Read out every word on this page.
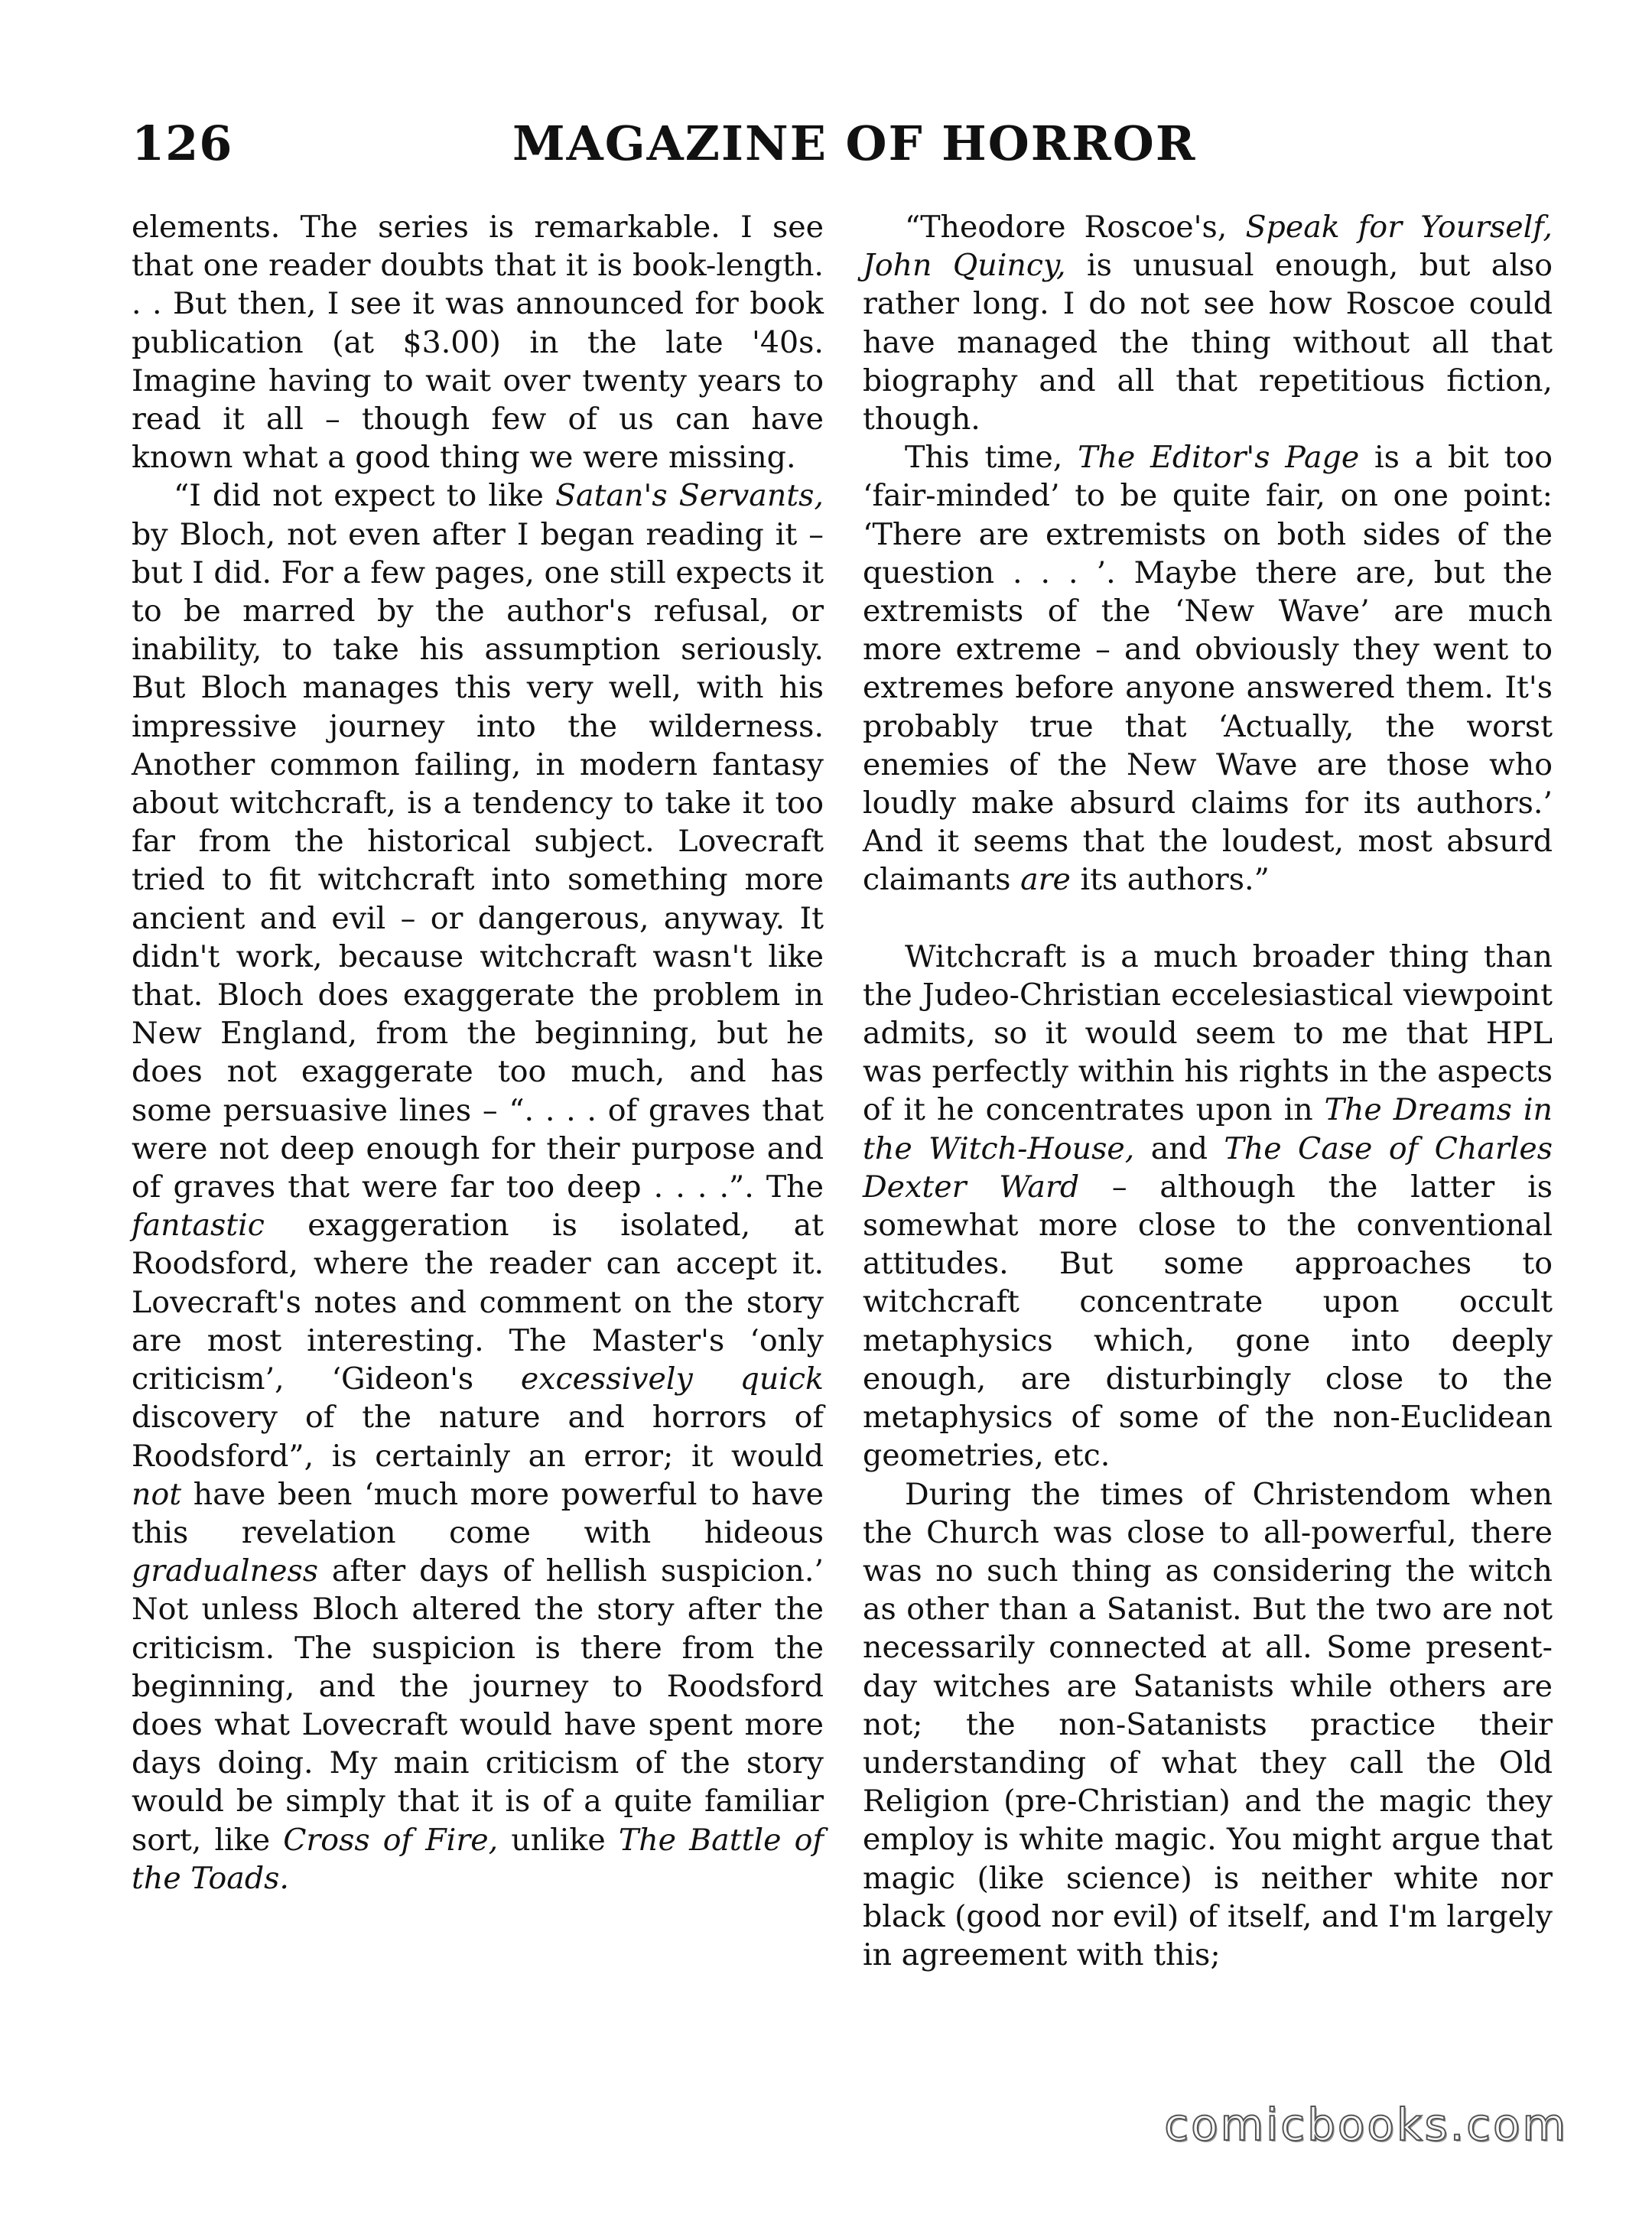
126	MAGAZINE OF HORROR

elements. The series is remarkable. I see that one reader doubts that it is book-length. . . But then, I see it was announced for book publication (at $3.00) in the late '40s. Imagine having to wait over twenty years to read it all – though few of us can have known what a good thing we were missing.

“I did not expect to like Satan's Servants, by Bloch, not even after I began reading it – but I did. For a few pages, one still expects it to be marred by the author's refusal, or inability, to take his assumption seriously. But Bloch manages this very well, with his impressive journey into the wilderness. Another common failing, in modern fantasy about witchcraft, is a tendency to take it too far from the historical subject. Lovecraft tried to fit witchcraft into something more ancient and evil – or dangerous, anyway. It didn't work, because witchcraft wasn't like that. Bloch does exaggerate the problem in New England, from the beginning, but he does not exaggerate too much, and has some persuasive lines – “. . . . of graves that were not deep enough for their purpose and of graves that were far too deep . . . .”. The fantastic exaggeration is isolated, at Roodsford, where the reader can accept it. Lovecraft's notes and comment on the story are most interesting. The Master's ‘only criticism’, ‘Gideon's excessively quick discovery of the nature and horrors of Roodsford”, is certainly an error; it would not have been ‘much more powerful to have this revelation come with hideous gradualness after days of hellish suspicion.’ Not unless Bloch altered the story after the criticism. The suspicion is there from the beginning, and the journey to Roodsford does what Lovecraft would have spent more days doing. My main criticism of the story would be simply that it is of a quite familiar sort, like Cross of Fire, unlike The Battle of the Toads.

“Theodore Roscoe's, Speak for Yourself, John Quincy, is unusual enough, but also rather long. I do not see how Roscoe could have managed the thing without all that biography and all that repetitious fiction, though.

This time, The Editor's Page is a bit too ‘fair-minded’ to be quite fair, on one point: ‘There are extremists on both sides of the question . . . ’. Maybe there are, but the extremists of the ‘New Wave’ are much more extreme – and obviously they went to extremes before anyone answered them. It's probably true that ‘Actually, the worst enemies of the New Wave are those who loudly make absurd claims for its authors.’ And it seems that the loudest, most absurd claimants are its authors.”

Witchcraft is a much broader thing than the Judeo-Christian eccelesiastical viewpoint admits, so it would seem to me that HPL was perfectly within his rights in the aspects of it he concentrates upon in The Dreams in the Witch-House, and The Case of Charles Dexter Ward – although the latter is somewhat more close to the conventional attitudes. But some approaches to witchcraft concentrate upon occult metaphysics which, gone into deeply enough, are disturbingly close to the metaphysics of some of the non-Euclidean geometries, etc.

During the times of Christendom when the Church was close to all-powerful, there was no such thing as considering the witch as other than a Satanist. But the two are not necessarily connected at all. Some present-day witches are Satanists while others are not; the non-Satanists practice their understanding of what they call the Old Religion (pre-Christian) and the magic they employ is white magic. You might argue that magic (like science) is neither white nor black (good nor evil) of itself, and I'm largely in agreement with this;

comicbooks.com
